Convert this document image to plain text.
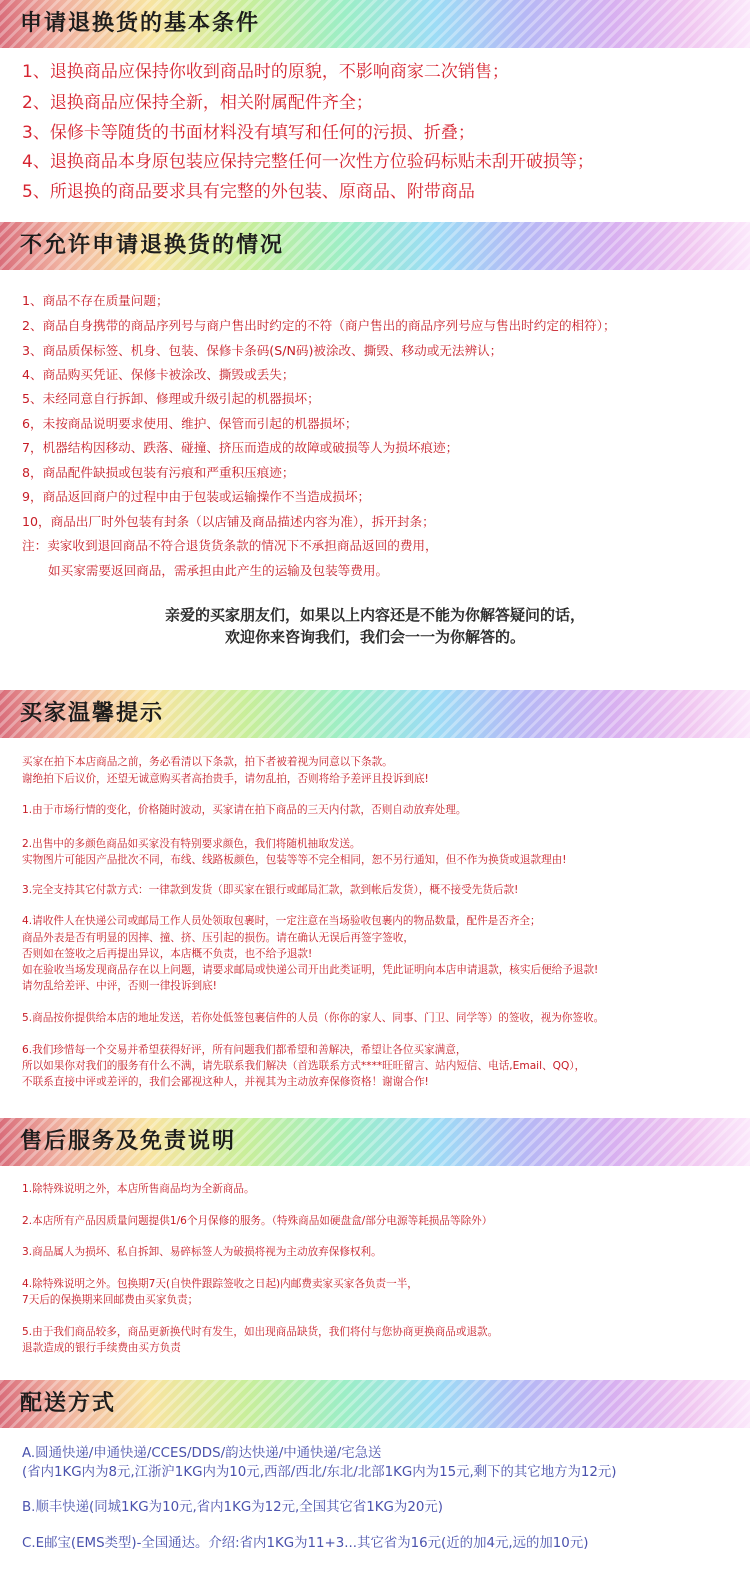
申请退换货的基本条件
1、退换商品应保持你收到商品时的原貌，不影响商家二次销售；
2、退换商品应保持全新，相关附属配件齐全；
3、保修卡等随货的书面材料没有填写和任何的污损、折叠；
4、退换商品本身原包装应保持完整任何一次性方位验码标贴未刮开破损等；
5、所退换的商品要求具有完整的外包装、原商品、附带商品
不允许申请退换货的情况
1、商品不存在质量问题；
2、商品自身携带的商品序列号与商户售出时约定的不符（商户售出的商品序列号应与售出时约定的相符）；
3、商品质保标签、机身、包装、保修卡条码(S/N码)被涂改、撕毁、移动或无法辨认；
4、商品购买凭证、保修卡被涂改、撕毁或丢失；
5、未经同意自行拆卸、修理或升级引起的机器损坏；
6，未按商品说明要求使用、维护、保管而引起的机器损坏；
7，机器结构因移动、跌落、碰撞、挤压而造成的故障或破损等人为损坏痕迹；
8，商品配件缺损或包装有污痕和严重积压痕迹；
9，商品返回商户的过程中由于包装或运输操作不当造成损坏；
10，商品出厂时外包装有封条（以店铺及商品描述内容为准），拆开封条；
注：卖家收到退回商品不符合退货货条款的情况下不承担商品返回的费用，
如买家需要返回商品，需承担由此产生的运输及包装等费用。
亲爱的买家朋友们，如果以上内容还是不能为你解答疑问的话，
欢迎你来咨询我们，我们会一一为你解答的。
买家温馨提示
买家在拍下本店商品之前，务必看清以下条款，拍下者被着视为同意以下条款。
谢绝拍下后议价，还望无诚意购买者高抬贵手，请勿乱拍，否则将给予差评且投诉到底!
1.由于市场行情的变化，价格随时波动，买家请在拍下商品的三天内付款，否则自动放弃处理。
2.出售中的多颜色商品如买家没有特别要求颜色，我们将随机抽取发送。
实物图片可能因产品批次不同，布线、线路板颜色，包装等等不完全相同，恕不另行通知，但不作为换货或退款理由!
3.完全支持其它付款方式：一律款到发货（即买家在银行或邮局汇款，款到帐后发货），概不接受先货后款!
4.请收件人在快递公司或邮局工作人员处领取包裹时，一定注意在当场验收包裹内的物品数量，配件是否齐全；
商品外表是否有明显的因摔、撞、挤、压引起的损伤。请在确认无误后再签字签收，
否则如在签收之后再提出异议，本店概不负责，也不给予退款!
如在验收当场发现商品存在以上问题，请要求邮局或快递公司开出此类证明，凭此证明向本店申请退款，核实后便给予退款!
请勿乱给差评、中评，否则一律投诉到底!
5.商品按你提供给本店的地址发送，若你处低签包裹信件的人员（你你的家人、同事、门卫、同学等）的签收，视为你签收。
6.我们珍惜每一个交易并希望获得好评，所有问题我们都希望和善解决，希望让各位买家满意，
所以如果你对我们的服务有什么不满，请先联系我们解决（首选联系方式****旺旺留言、站内短信、电话,Email、QQ），
不联系直接中评或差评的，我们会鄙视这种人，并视其为主动放弃保修资格！谢谢合作!
售后服务及免责说明
1.除特殊说明之外，本店所售商品均为全新商品。
2.本店所有产品因质量问题提供1/6个月保修的服务。（特殊商品如硬盘盒/部分电源等耗损品等除外）
3.商品属人为损坏、私自拆卸、易碎标签人为破损将视为主动放弃保修权利。
4.除特殊说明之外。包换期7天(自快件跟踪签收之日起)内邮费卖家买家各负责一半，
7天后的保换期来回邮费由买家负责；
5.由于我们商品较多，商品更新换代时有发生，如出现商品缺货，我们将付与您协商更换商品或退款。
退款造成的银行手续费由买方负责
配送方式
A.圆通快递/申通快递/CCES/DDS/韵达快递/中通快递/宅急送
(省内1KG内为8元,江浙沪1KG内为10元,西部/西北/东北/北部1KG内为15元,剩下的其它地方为12元)
B.顺丰快递(同城1KG为10元,省内1KG为12元,全国其它省1KG为20元)
C.E邮宝(EMS类型)-全国通达。介绍:省内1KG为11+3...其它省为16元(近的加4元,远的加10元)
